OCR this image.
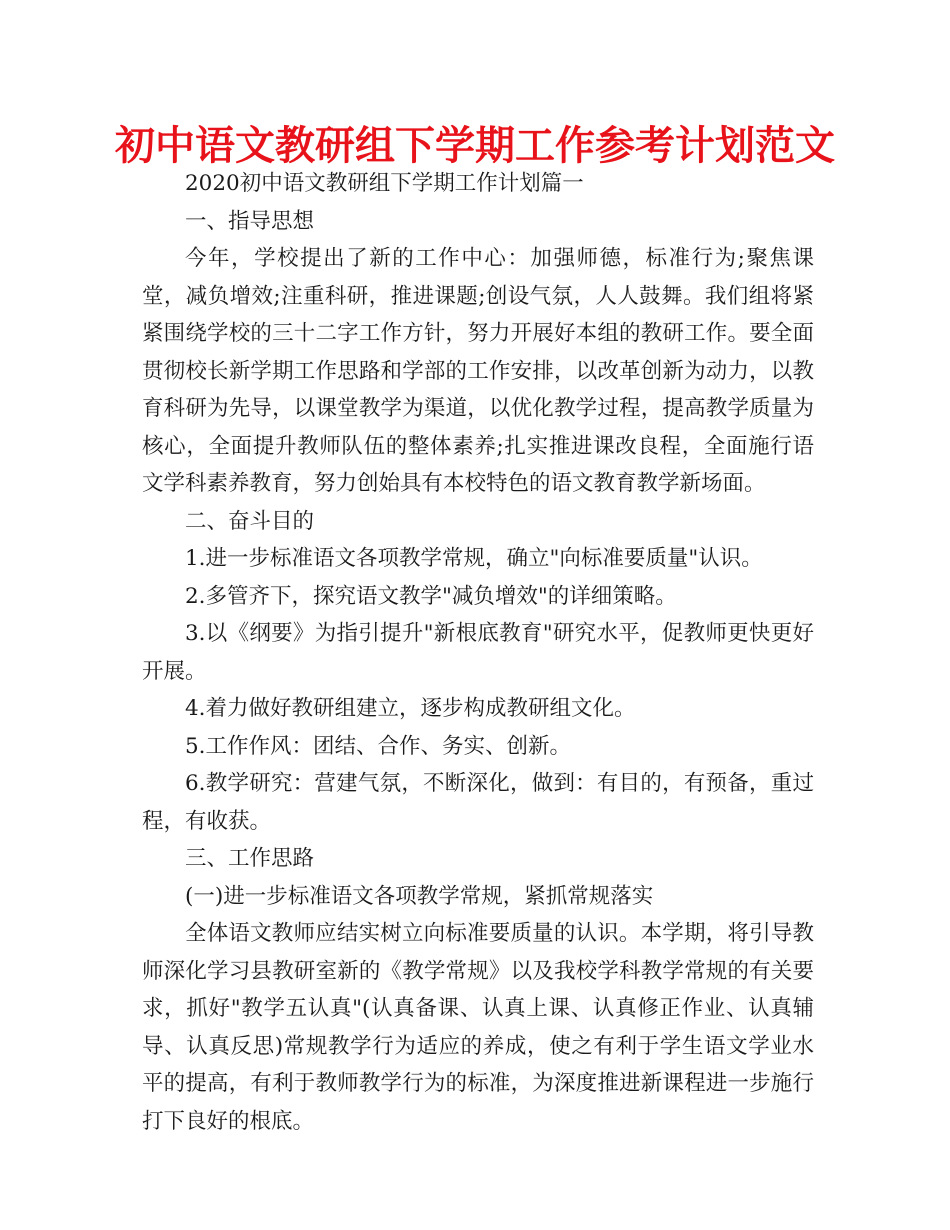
初中语文教研组下学期工作参考计划范文

2020初中语文教研组下学期工作计划篇一

一、指导思想

今年，学校提出了新的工作中心：加强师德，标准行为;聚焦课堂，减负增效;注重科研，推进课题;创设气氛，人人鼓舞。我们组将紧紧围绕学校的三十二字工作方针，努力开展好本组的教研工作。要全面贯彻校长新学期工作思路和学部的工作安排，以改革创新为动力，以教育科研为先导，以课堂教学为渠道，以优化教学过程，提高教学质量为核心，全面提升教师队伍的整体素养;扎实推进课改良程，全面施行语文学科素养教育，努力创始具有本校特色的语文教育教学新场面。

二、奋斗目的

1.进一步标准语文各项教学常规，确立"向标准要质量"认识。

2.多管齐下，探究语文教学"减负增效"的详细策略。

3.以《纲要》为指引提升"新根底教育"研究水平，促教师更快更好开展。

4.着力做好教研组建立，逐步构成教研组文化。

5.工作作风：团结、合作、务实、创新。

6.教学研究：营建气氛，不断深化，做到：有目的，有预备，重过程，有收获。

三、工作思路

(一)进一步标准语文各项教学常规，紧抓常规落实

全体语文教师应结实树立向标准要质量的认识。本学期，将引导教师深化学习县教研室新的《教学常规》以及我校学科教学常规的有关要求，抓好"教学五认真"(认真备课、认真上课、认真修正作业、认真辅导、认真反思)常规教学行为适应的养成，使之有利于学生语文学业水平的提高，有利于教师教学行为的标准，为深度推进新课程进一步施行打下良好的根底。
